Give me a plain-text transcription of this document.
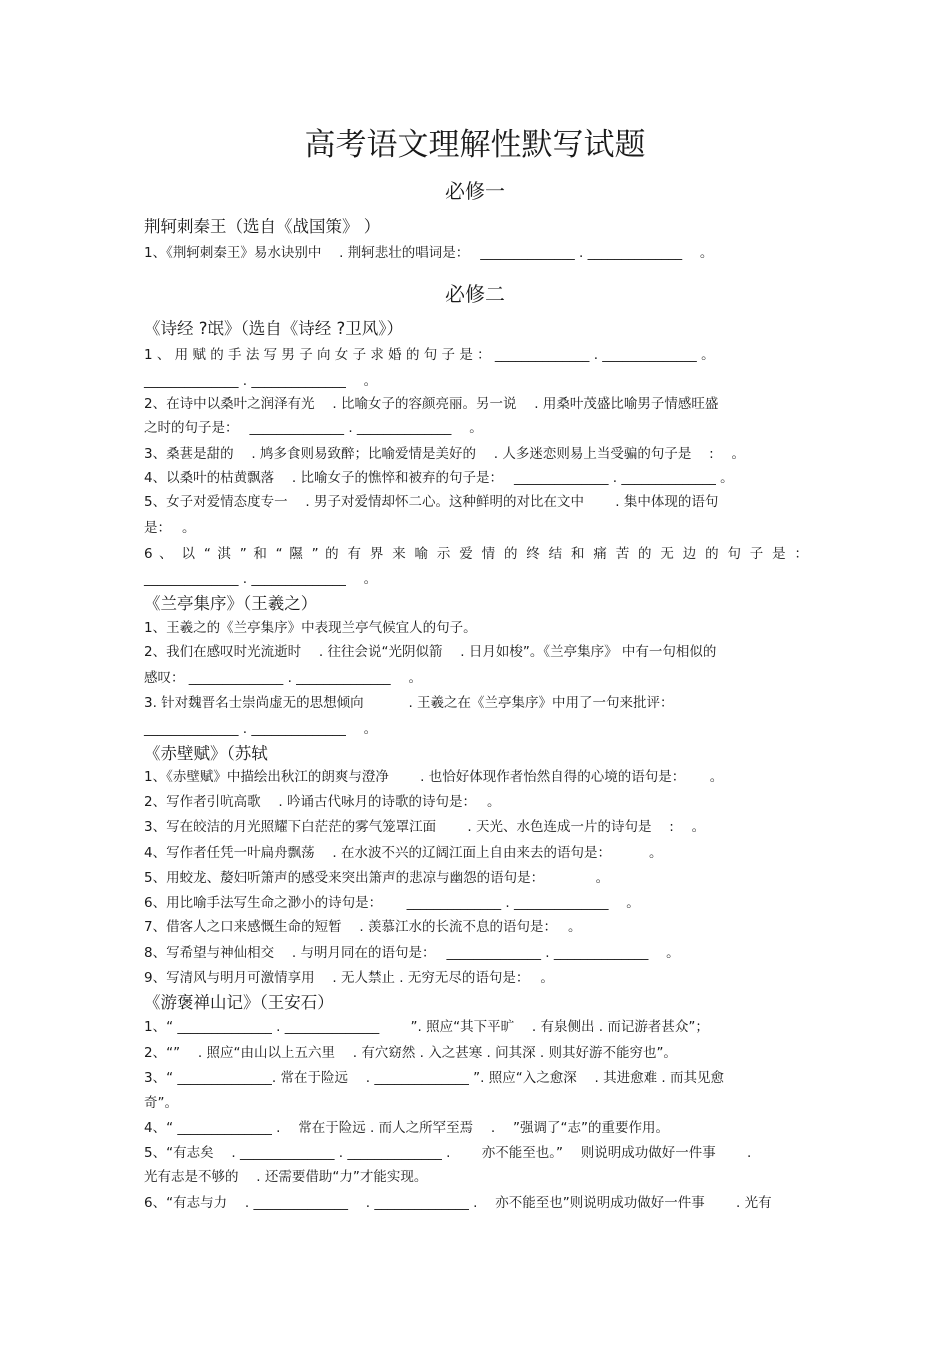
高考语文理解性默写试题
必修一
荆轲刺秦王（选自《战国策》 ）
1、《荆轲刺秦王》易水诀别中　 . 荆轲悲壮的唱词是：　 ______________ . ______________　 。
必修二
《诗经 ?氓》（选自《诗经 ?卫风》）
1 、 用 赋 的 手 法 写 男 子 向 女 子 求 婚 的 句 子 是 ： ______________ . ______________ 。
______________ . ______________　 。
2、在诗中以桑叶之润泽有光　 . 比喻女子的容颜亮丽。另一说　 . 用桑叶茂盛比喻男子情感旺盛
之时的句子是：　 ______________ . ______________　 。
3、桑葚是甜的　 . 鸠多食则易致醉；比喻爱情是美好的　 . 人多迷恋则易上当受骗的句子是　 :　 。
4、以桑叶的枯黄飘落　 . 比喻女子的憔悴和被弃的句子是：　 ______________ . ______________ 。
5、女子对爱情态度专一　 . 男子对爱情却怀二心。这种鲜明的对比在文中　　 . 集中体现的语句
是：　 。
6 、 以 “ 淇 ” 和 “ 隰 ” 的 有 界 来 喻 示 爱 情 的 终 结 和 痛 苦 的 无 边 的 句 子 是 ：
______________ . ______________　 。
《兰亭集序》（王羲之）
1、王羲之的《兰亭集序》中表现兰亭气候宜人的句子。
2、我们在感叹时光流逝时　 . 往往会说“光阴似箭　 . 日月如梭”。《兰亭集序》 中有一句相似的
感叹： ______________ . ______________　 。
3. 针对魏晋名士崇尚虚无的思想倾向　　　 . 王羲之在《兰亭集序》中用了一句来批评：
______________ . ______________　 。
《赤壁赋》（苏轼
1、《赤壁赋》中描绘出秋江的朗爽与澄净　　 . 也恰好体现作者怡然自得的心境的语句是：　　 。
2、写作者引吭高歌　 . 吟诵古代咏月的诗歌的诗句是：　 。
3、写在皎洁的月光照耀下白茫茫的雾气笼罩江面　　 . 天光、水色连成一片的诗句是　 :　 。
4、写作者任凭一叶扁舟飘荡　 . 在水波不兴的辽阔江面上自由来去的语句是：　　　 。
5、用蛟龙、嫠妇听箫声的感受来突出箫声的悲凉与幽怨的语句是：　　　　 。
6、用比喻手法写生命之渺小的诗句是：　　 ______________ . ______________　 。
7、借客人之口来感慨生命的短暂　 . 羡慕江水的长流不息的语句是：　 。
8、写希望与神仙相交　 . 与明月同在的语句是：　 ______________ . ______________　 。
9、写清风与明月可激情享用　 . 无人禁止 . 无穷无尽的语句是：　 。
《游褒禅山记》（王安石）
1、“ ______________ . ______________　　 ”. 照应“其下平旷　 . 有泉侧出 . 而记游者甚众”；
2、“”　 . 照应“由山以上五六里　 . 有穴窈然 . 入之甚寒 . 问其深 . 则其好游不能穷也”。
3、“ ______________. 常在于险远　 . ______________ ”. 照应“入之愈深　 . 其进愈难 . 而其见愈
奇”。
4、“ ______________ .　 常在于险远 . 而人之所罕至焉　 .　 ”强调了“志”的重要作用。
5、“有志矣　 . ______________ . ______________ .　　 亦不能至也。”　 则说明成功做好一件事　　 .
光有志是不够的　 . 还需要借助“力”才能实现。
6、“有志与力　 . ______________　 . ______________ .　 亦不能至也”则说明成功做好一件事　　 . 光有
